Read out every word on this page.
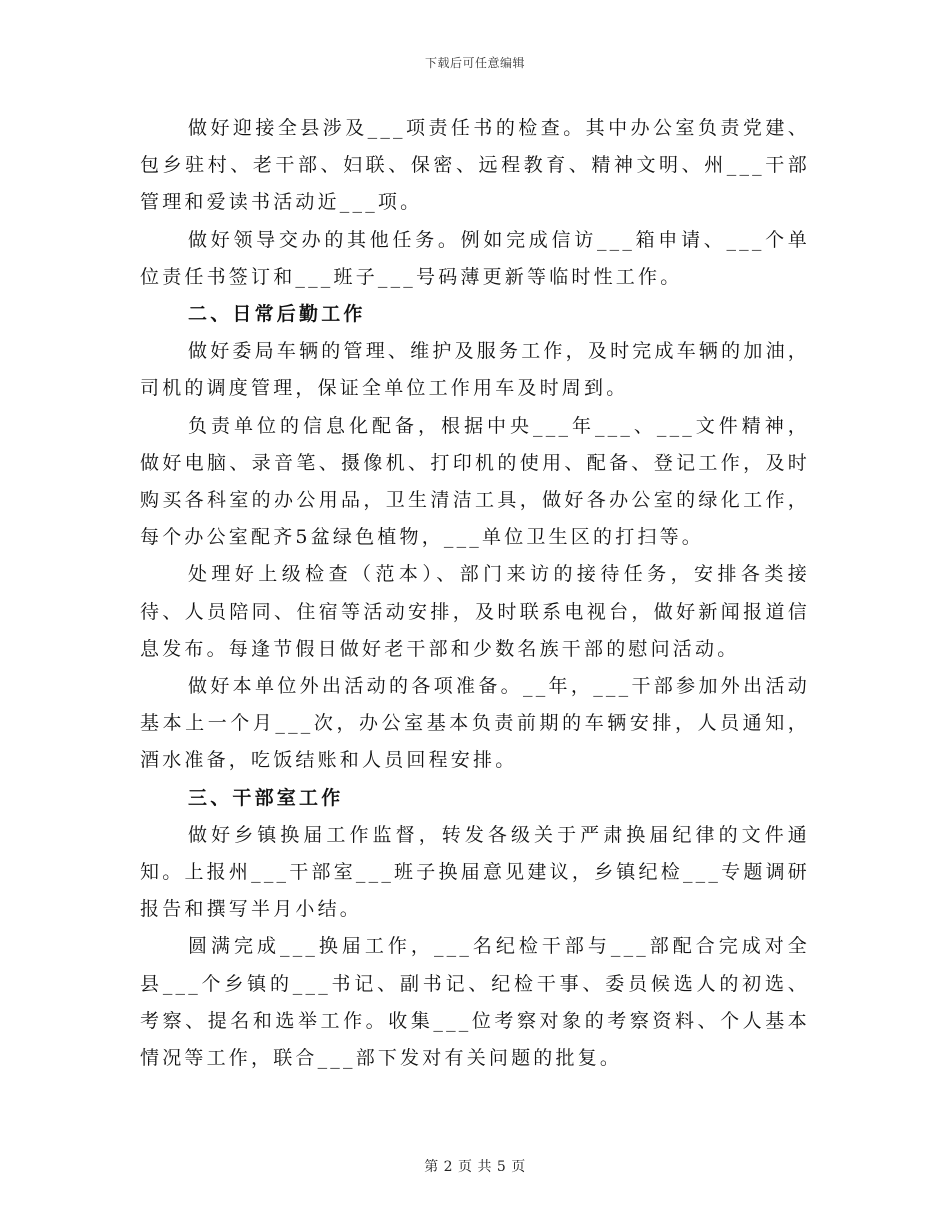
下载后可任意编辑

做好迎接全县涉及___项责任书的检查。其中办公室负责党建、包乡驻村、老干部、妇联、保密、远程教育、精神文明、州___干部管理和爱读书活动近___项。

做好领导交办的其他任务。例如完成信访___箱申请、___个单位责任书签订和___班子___号码薄更新等临时性工作。

二、日常后勤工作

做好委局车辆的管理、维护及服务工作，及时完成车辆的加油，司机的调度管理，保证全单位工作用车及时周到。

负责单位的信息化配备，根据中央___年___、___文件精神，做好电脑、录音笔、摄像机、打印机的使用、配备、登记工作，及时购买各科室的办公用品，卫生清洁工具，做好各办公室的绿化工作，每个办公室配齐5盆绿色植物，___单位卫生区的打扫等。

处理好上级检查（范本）、部门来访的接待任务，安排各类接待、人员陪同、住宿等活动安排，及时联系电视台，做好新闻报道信息发布。每逢节假日做好老干部和少数名族干部的慰问活动。

做好本单位外出活动的各项准备。__年，___干部参加外出活动基本上一个月___次，办公室基本负责前期的车辆安排，人员通知，酒水准备，吃饭结账和人员回程安排。

三、干部室工作

做好乡镇换届工作监督，转发各级关于严肃换届纪律的文件通知。上报州___干部室___班子换届意见建议，乡镇纪检___专题调研报告和撰写半月小结。

圆满完成___换届工作，___名纪检干部与___部配合完成对全县___个乡镇的___书记、副书记、纪检干事、委员候选人的初选、考察、提名和选举工作。收集___位考察对象的考察资料、个人基本情况等工作，联合___部下发对有关问题的批复。

第 2 页 共 5 页
